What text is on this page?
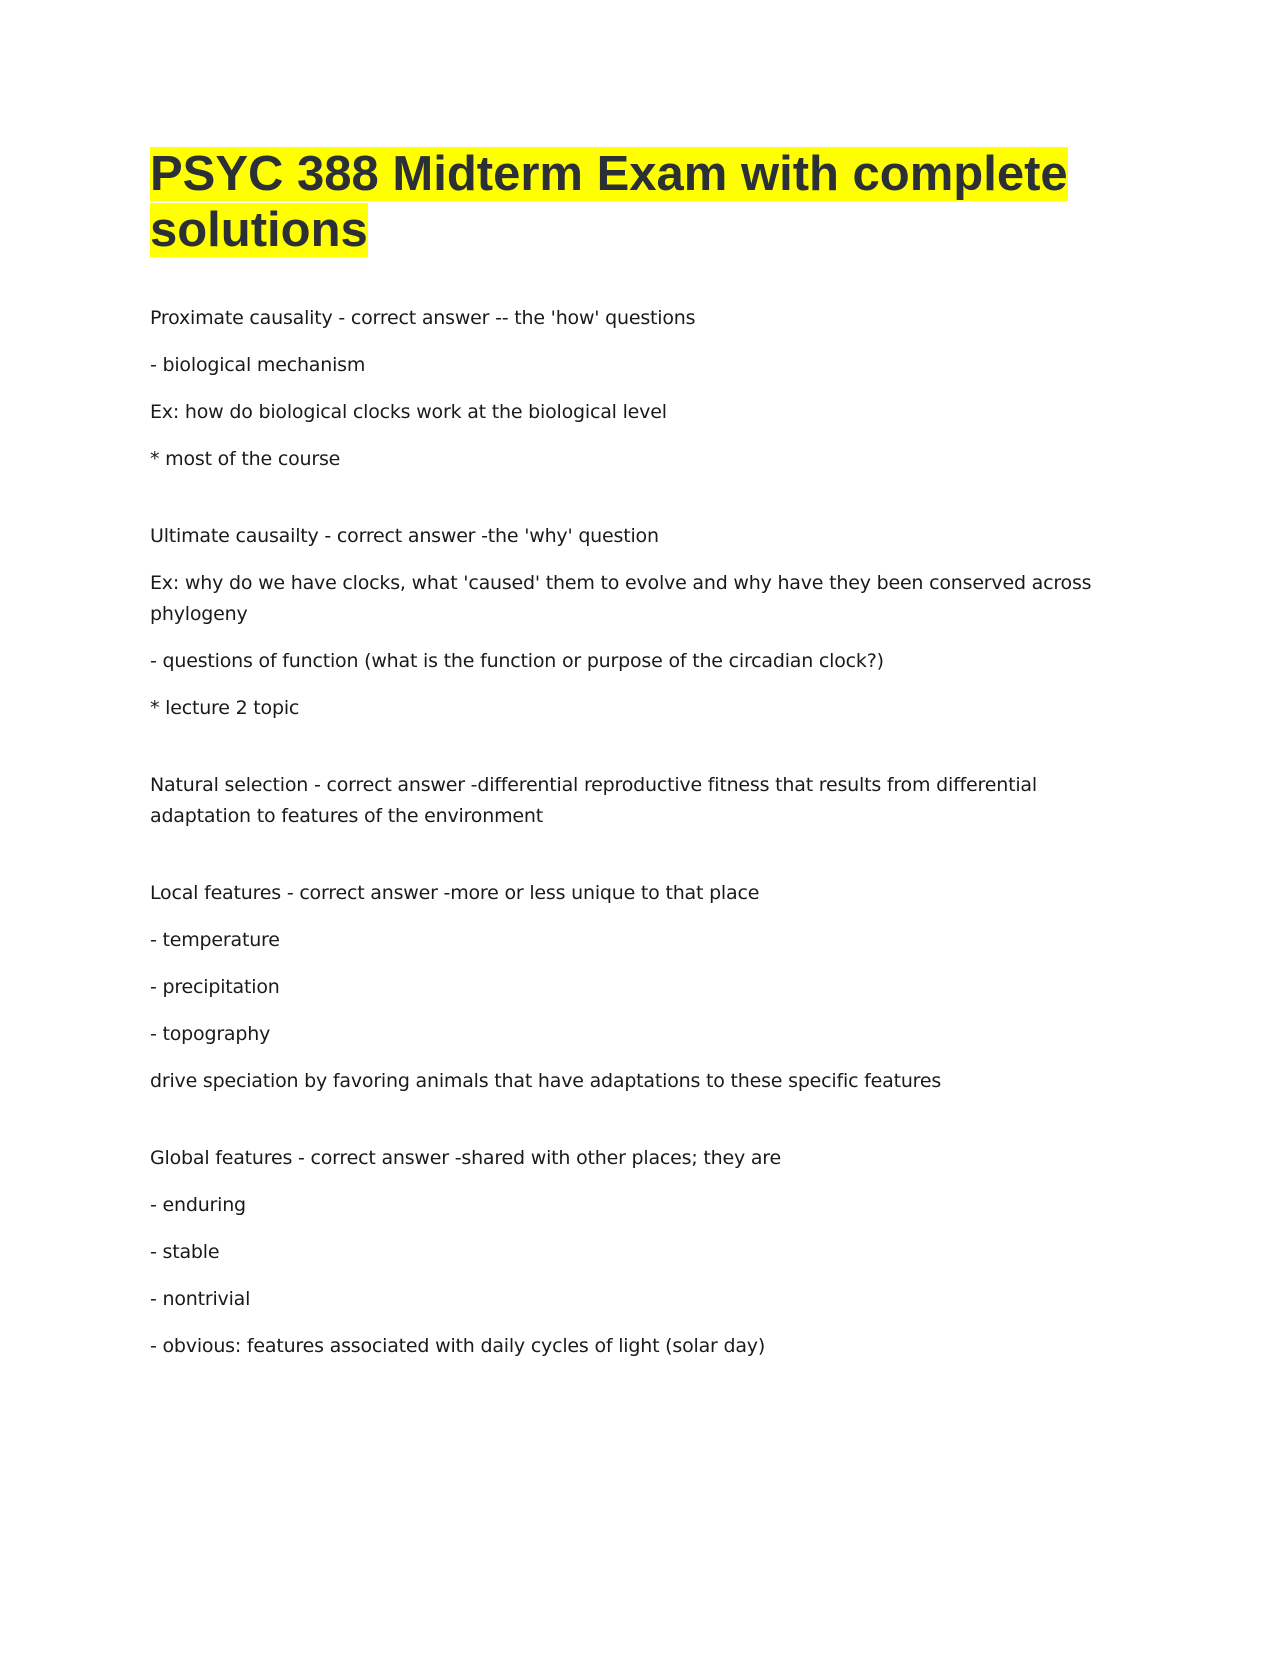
PSYC 388 Midterm Exam with complete solutions

Proximate causality - correct answer -- the 'how' questions

- biological mechanism

Ex: how do biological clocks work at the biological level

* most of the course

Ultimate causailty - correct answer -the 'why' question

Ex: why do we have clocks, what 'caused' them to evolve and why have they been conserved across phylogeny

- questions of function (what is the function or purpose of the circadian clock?)

* lecture 2 topic

Natural selection - correct answer -differential reproductive fitness that results from differential adaptation to features of the environment

Local features - correct answer -more or less unique to that place

- temperature

- precipitation

- topography

drive speciation by favoring animals that have adaptations to these specific features

Global features - correct answer -shared with other places; they are

- enduring

- stable

- nontrivial

- obvious: features associated with daily cycles of light (solar day)
